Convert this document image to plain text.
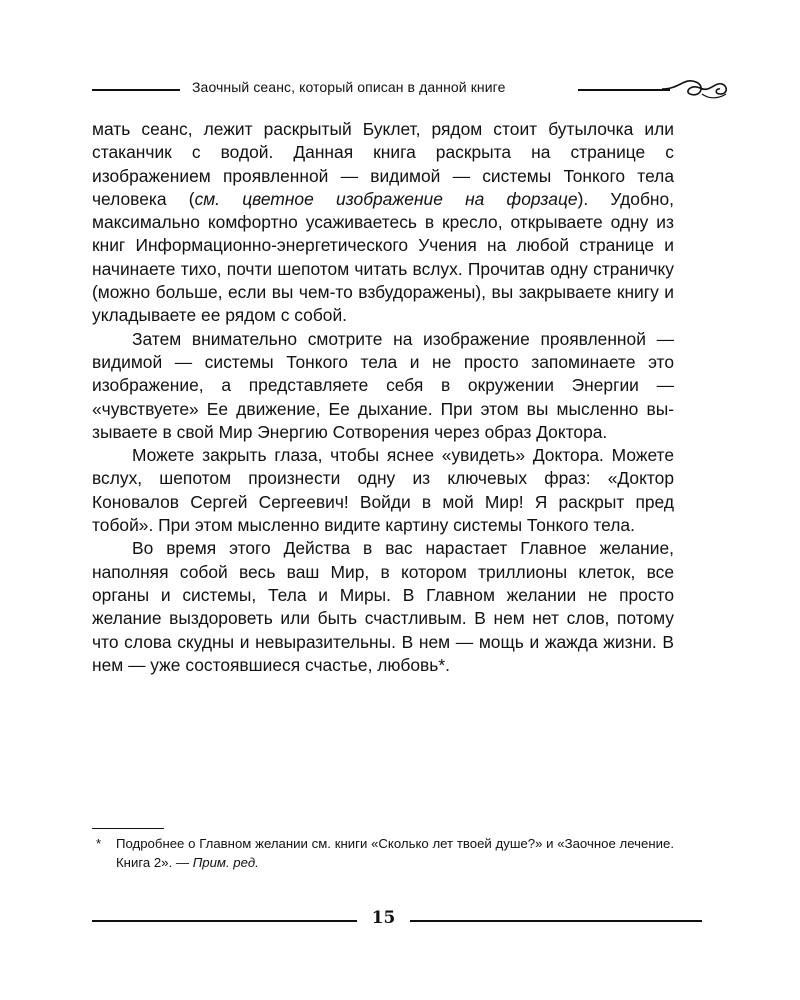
Заочный сеанс, который описан в данной книге

мать сеанс, лежит раскрытый Буклет, рядом стоит бутылочка или стаканчик с водой. Данная книга раскрыта на странице с изображением проявленной — видимой — системы Тонкого тела человека (см. цветное изображение на форзаце). Удобно, максимально комфортно усаживаетесь в кресло, открываете одну из книг Информационно-энергетического Учения на любой странице и начинаете тихо, почти шепотом читать вслух. Прочитав одну страничку (можно больше, если вы чем-то взбудоражены), вы закрываете книгу и укладываете ее рядом с собой.

Затем внимательно смотрите на изображение проявленной — видимой — системы Тонкого тела и не просто запоминаете это изображение, а представляете себя в окружении Энергии — «чувствуете» Ее движение, Ее дыхание. При этом вы мысленно вызываете в свой Мир Энергию Сотворения через образ Доктора.

Можете закрыть глаза, чтобы яснее «увидеть» Доктора. Можете вслух, шепотом произнести одну из ключевых фраз: «Доктор Коновалов Сергей Сергеевич! Войди в мой Мир! Я раскрыт пред тобой». При этом мысленно видите картину системы Тонкого тела.

Во время этого Действа в вас нарастает Главное желание, наполняя собой весь ваш Мир, в котором триллионы клеток, все органы и системы, Тела и Миры. В Главном желании не просто желание выздороветь или быть счастливым. В нем нет слов, потому что слова скудны и невыразительны. В нем — мощь и жажда жизни. В нем — уже состоявшиеся счастье, любовь*.

*	Подробнее о Главном желании см. книги «Сколько лет твоей душе?» и «Заочное лечение. Книга 2». — Прим. ред.
15
